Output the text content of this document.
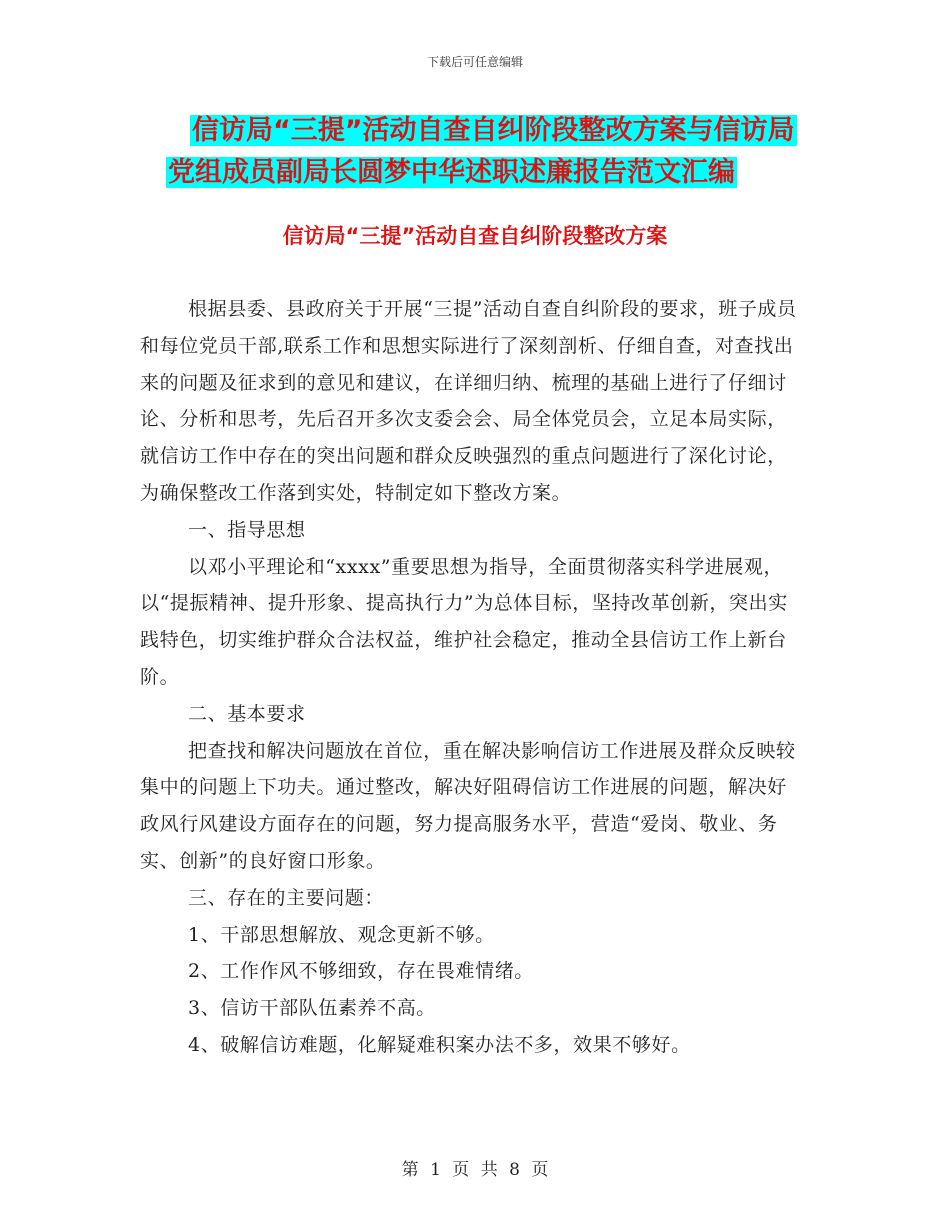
下载后可任意编辑
信访局“三提”活动自查自纠阶段整改方案与信访局
党组成员副局长圆梦中华述职述廉报告范文汇编
信访局“三提”活动自查自纠阶段整改方案

根据县委、县政府关于开展“三提”活动自查自纠阶段的要求，班子成员和每位党员干部,联系工作和思想实际进行了深刻剖析、仔细自查，对查找出来的问题及征求到的意见和建议，在详细归纳、梳理的基础上进行了仔细讨论、分析和思考，先后召开多次支委会会、局全体党员会，立足本局实际，就信访工作中存在的突出问题和群众反映强烈的重点问题进行了深化讨论，为确保整改工作落到实处，特制定如下整改方案。

一、指导思想

以邓小平理论和“xxxx”重要思想为指导，全面贯彻落实科学进展观，以“提振精神、提升形象、提高执行力”为总体目标，坚持改革创新，突出实践特色，切实维护群众合法权益，维护社会稳定，推动全县信访工作上新台阶。

二、基本要求

把查找和解决问题放在首位，重在解决影响信访工作进展及群众反映较集中的问题上下功夫。通过整改，解决好阻碍信访工作进展的问题，解决好政风行风建设方面存在的问题，努力提高服务水平，营造“爱岗、敬业、务实、创新”的良好窗口形象。

三、存在的主要问题：

1、干部思想解放、观念更新不够。

2、工作作风不够细致，存在畏难情绪。

3、信访干部队伍素养不高。

4、破解信访难题，化解疑难积案办法不多，效果不够好。

第 1 页 共 8 页
